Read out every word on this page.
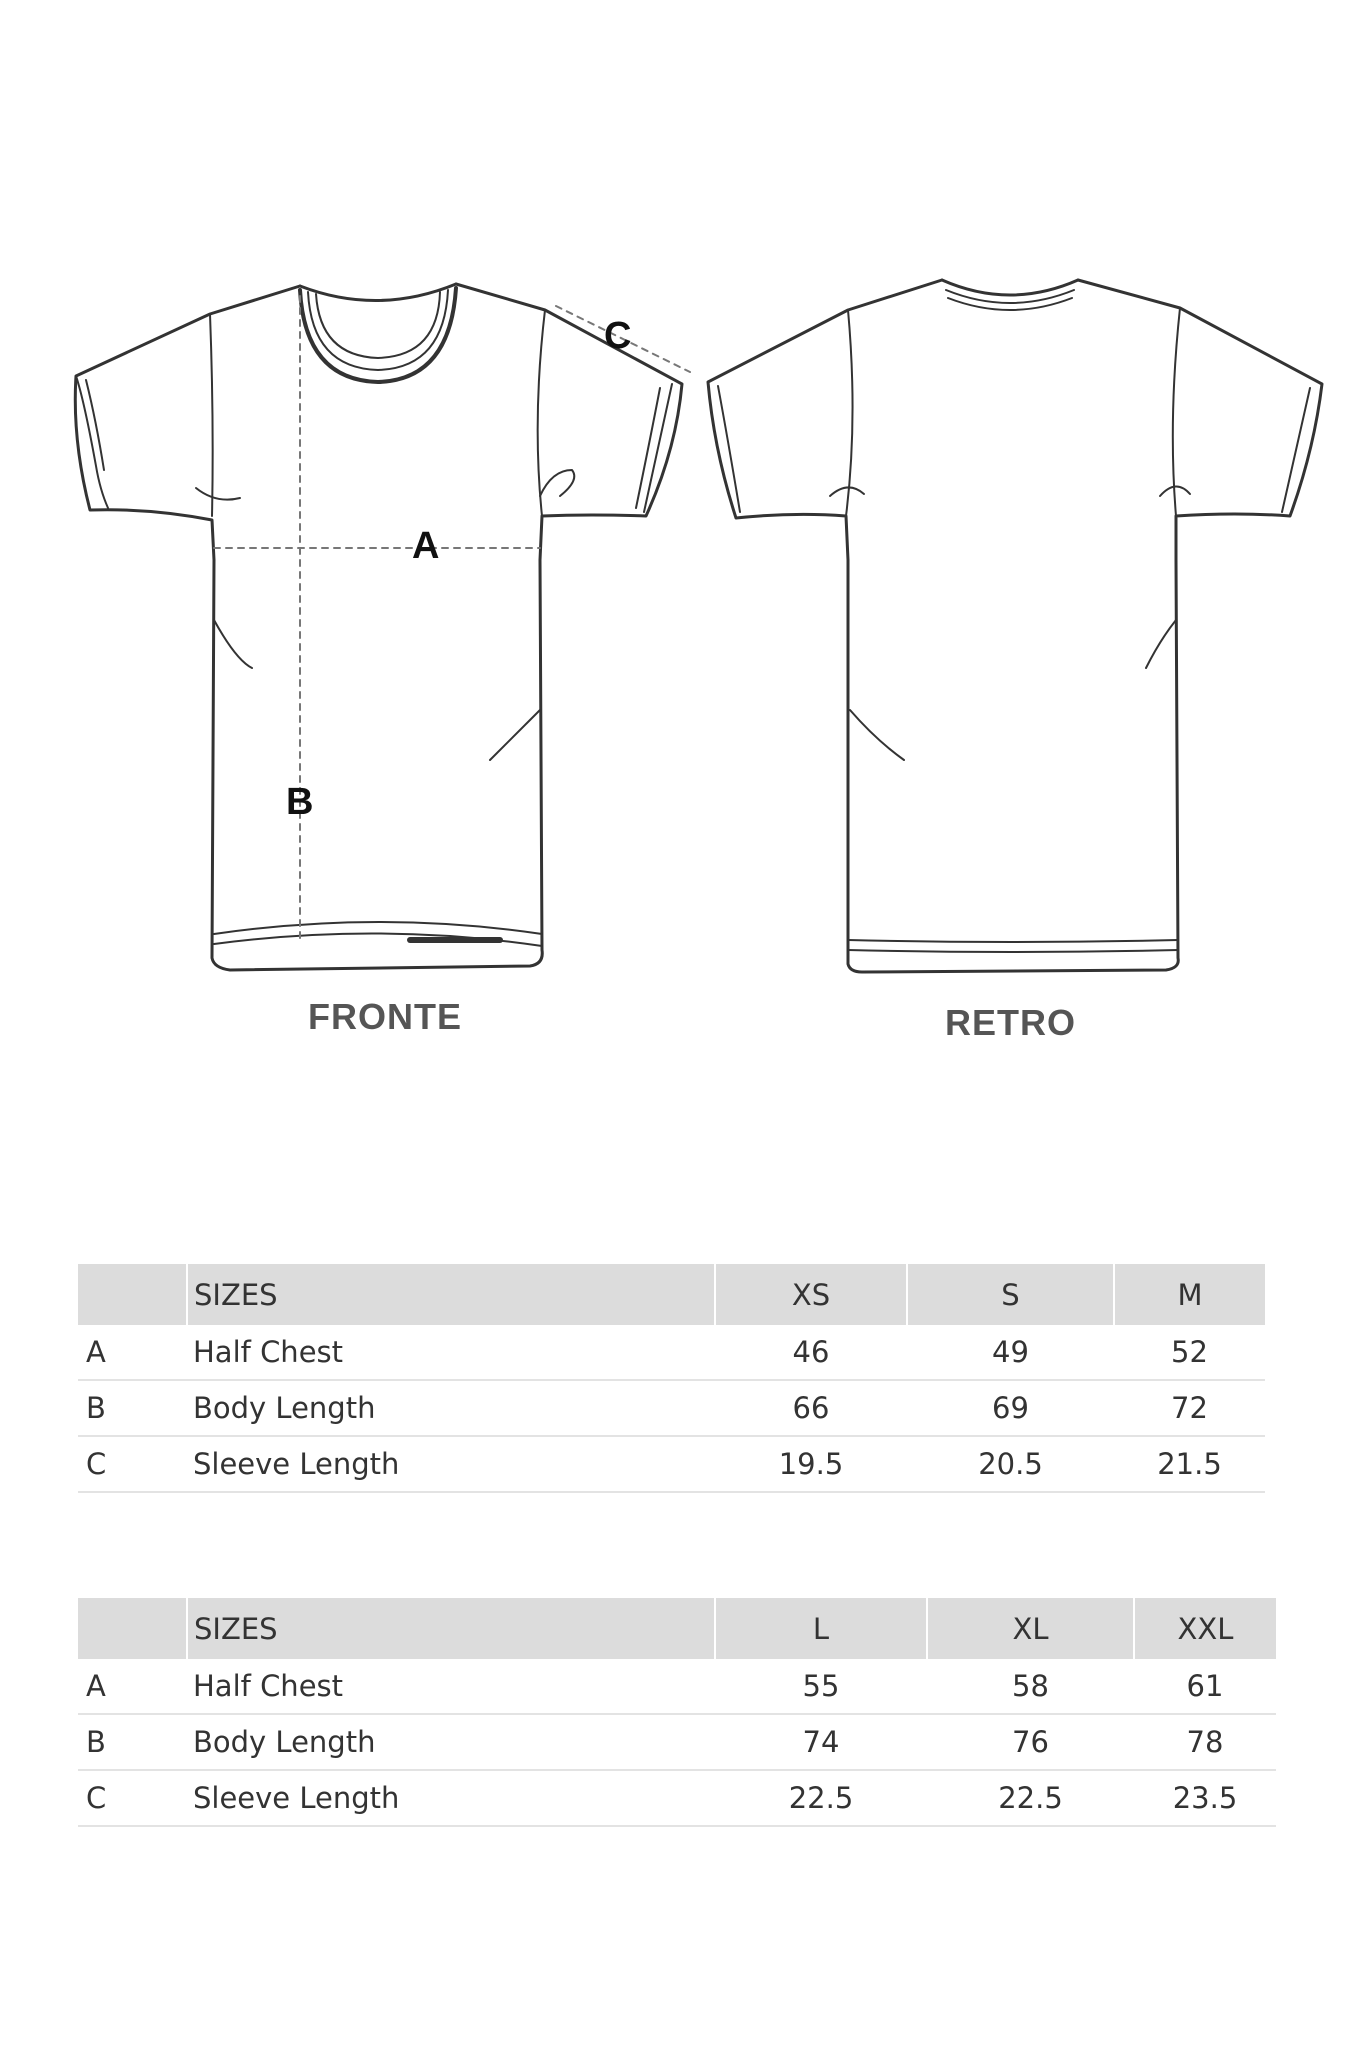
A
B
C
FRONTE	RETRO
	SIZES	XS	S	M
A	Half Chest	46	49	52
B	Body Length	66	69	72
C	Sleeve Length	19.5	20.5	21.5
	SIZES	L	XL	XXL
A	Half Chest	55	58	61
B	Body Length	74	76	78
C	Sleeve Length	22.5	22.5	23.5
